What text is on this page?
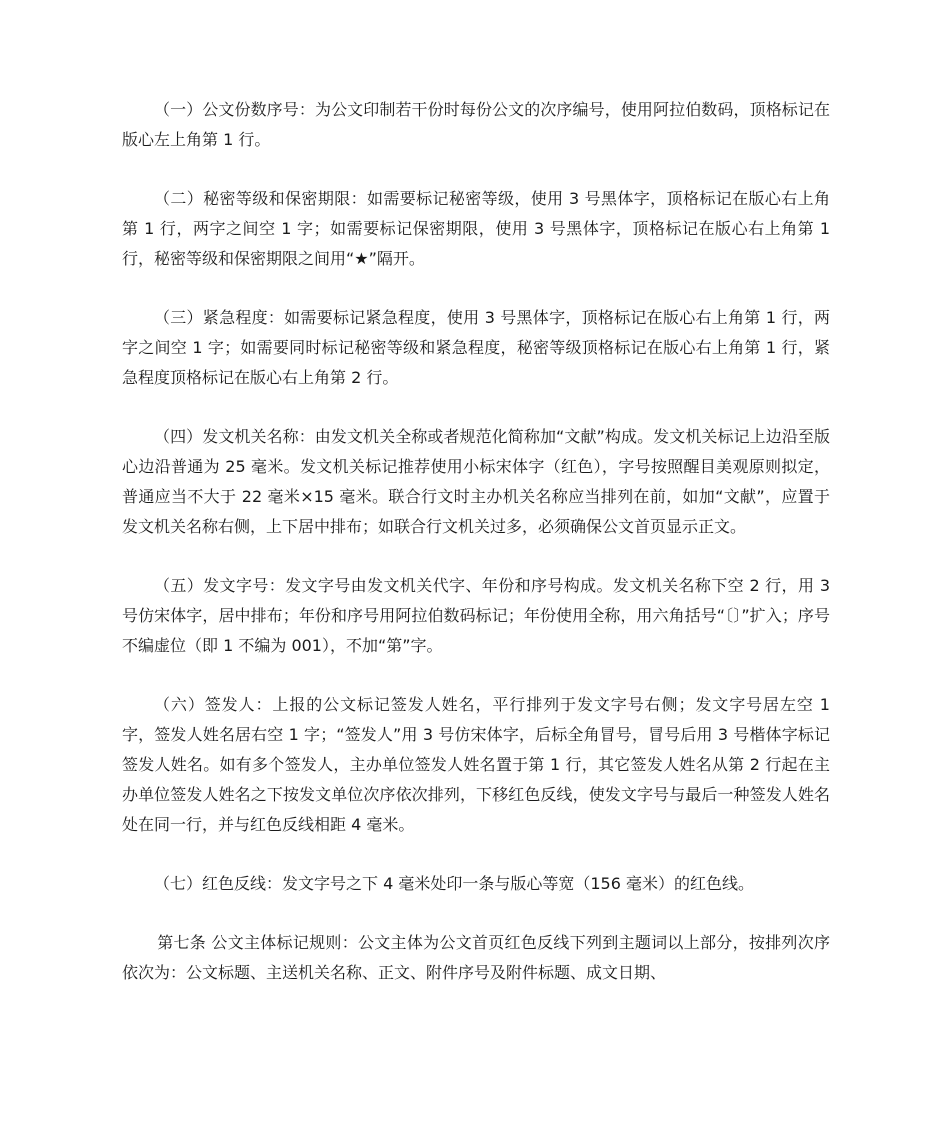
（一）公文份数序号：为公文印制若干份时每份公文的次序编号，使用阿拉伯数码，顶格标记在版心左上角第 1 行。

（二）秘密等级和保密期限：如需要标记秘密等级，使用 3 号黑体字，顶格标记在版心右上角第 1 行，两字之间空 1 字；如需要标记保密期限，使用 3 号黑体字，顶格标记在版心右上角第 1 行，秘密等级和保密期限之间用“★”隔开。

（三）紧急程度：如需要标记紧急程度，使用 3 号黑体字，顶格标记在版心右上角第 1 行，两字之间空 1 字；如需要同时标记秘密等级和紧急程度，秘密等级顶格标记在版心右上角第 1 行，紧急程度顶格标记在版心右上角第 2 行。

（四）发文机关名称：由发文机关全称或者规范化简称加“文献”构成。发文机关标记上边沿至版心边沿普通为 25 毫米。发文机关标记推荐使用小标宋体字（红色），字号按照醒目美观原则拟定，普通应当不大于 22 毫米×15 毫米。联合行文时主办机关名称应当排列在前，如加“文献”，应置于发文机关名称右侧，上下居中排布；如联合行文机关过多，必须确保公文首页显示正文。

（五）发文字号：发文字号由发文机关代字、年份和序号构成。发文机关名称下空 2 行，用 3 号仿宋体字，居中排布；年份和序号用阿拉伯数码标记；年份使用全称，用六角括号“〔〕”扩入；序号不编虚位（即 1 不编为 001），不加“第”字。

（六）签发人：上报的公文标记签发人姓名，平行排列于发文字号右侧；发文字号居左空 1 字，签发人姓名居右空 1 字；“签发人”用 3 号仿宋体字，后标全角冒号，冒号后用 3 号楷体字标记签发人姓名。如有多个签发人，主办单位签发人姓名置于第 1 行，其它签发人姓名从第 2 行起在主办单位签发人姓名之下按发文单位次序依次排列，下移红色反线，使发文字号与最后一种签发人姓名处在同一行，并与红色反线相距 4 毫米。

（七）红色反线：发文字号之下 4 毫米处印一条与版心等宽（156 毫米）的红色线。

第七条 公文主体标记规则：公文主体为公文首页红色反线下列到主题词以上部分，按排列次序依次为：公文标题、主送机关名称、正文、附件序号及附件标题、成文日期、
